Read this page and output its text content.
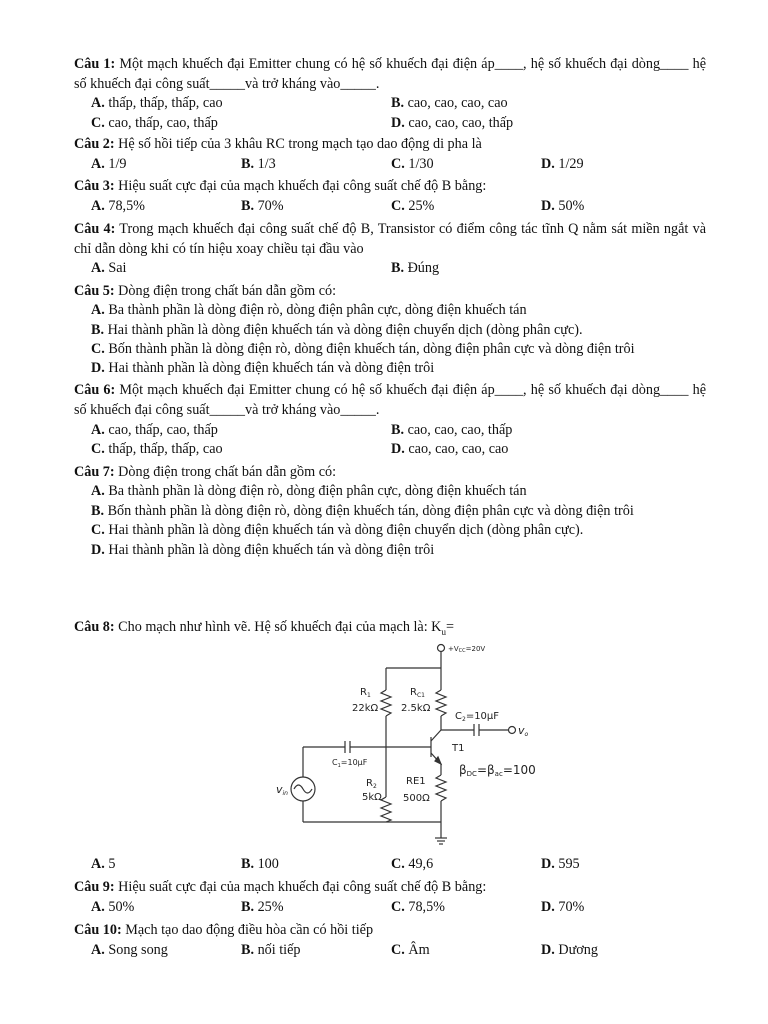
Câu 1: Một mạch khuếch đại Emitter chung có hệ số khuếch đại điện áp____, hệ số khuếch đại dòng____ hệ số khuếch đại công suất_____và trở kháng vào_____.
A. thấp, thấp, thấp, cao	B. cao, cao, cao, cao
C. cao, thấp, cao, thấp	D. cao, cao, cao, thấp
Câu 2: Hệ số hồi tiếp của 3 khâu RC trong mạch tạo dao động di pha là
A. 1/9	B. 1/3	C. 1/30	D. 1/29
Câu 3: Hiệu suất cực đại của mạch khuếch đại công suất chế độ B bằng:
A. 78,5%	B. 70%	C. 25%	D. 50%
Câu 4: Trong mạch khuếch đại công suất chế độ B, Transistor có điểm công tác tĩnh Q nằm sát miền ngắt và chỉ dẫn dòng khi có tín hiệu xoay chiều tại đầu vào
A. Sai	B. Đúng
Câu 5: Dòng điện trong chất bán dẫn gồm có:
A. Ba thành phần là dòng điện rò, dòng điện phân cực, dòng điện khuếch tán
B. Hai thành phần là dòng điện khuếch tán và dòng điện chuyển dịch (dòng phân cực).
C. Bốn thành phần là dòng điện rò, dòng điện khuếch tán, dòng điện phân cực và dòng điện trôi
D. Hai thành phần là dòng điện khuếch tán và dòng điện trôi
Câu 6: Một mạch khuếch đại Emitter chung có hệ số khuếch đại điện áp____, hệ số khuếch đại dòng____ hệ số khuếch đại công suất_____và trở kháng vào_____.
A. cao, thấp, cao, thấp	B. cao, cao, cao, thấp
C. thấp, thấp, thấp, cao	D. cao, cao, cao, cao
Câu 7: Dòng điện trong chất bán dẫn gồm có:
A. Ba thành phần là dòng điện rò, dòng điện phân cực, dòng điện khuếch tán
B. Bốn thành phần là dòng điện rò, dòng điện khuếch tán, dòng điện phân cực và dòng điện trôi
C. Hai thành phần là dòng điện khuếch tán và dòng điện chuyển dịch (dòng phân cực).
D. Hai thành phần là dòng điện khuếch tán và dòng điện trôi
Câu 8: Cho mạch như hình vẽ. Hệ số khuếch đại của mạch là: $K_u=$
+VCC=20V
$R_1$
22kΩ
$R_{C1}$
2.5kΩ
$C_2=10\mu F$
vo
T1
βDC=βac=100
$C_1=10\mu F$
$R_2$
5kΩ
RE1
500Ω
vin
A. 5	B. 100	C. 49,6	D. 595
Câu 9: Hiệu suất cực đại của mạch khuếch đại công suất chế độ B bằng:
A. 50%	B. 25%	C. 78,5%	D. 70%
Câu 10: Mạch tạo dao động điều hòa cần có hồi tiếp
A. Song song	B. nối tiếp	C. Âm	D. Dương
